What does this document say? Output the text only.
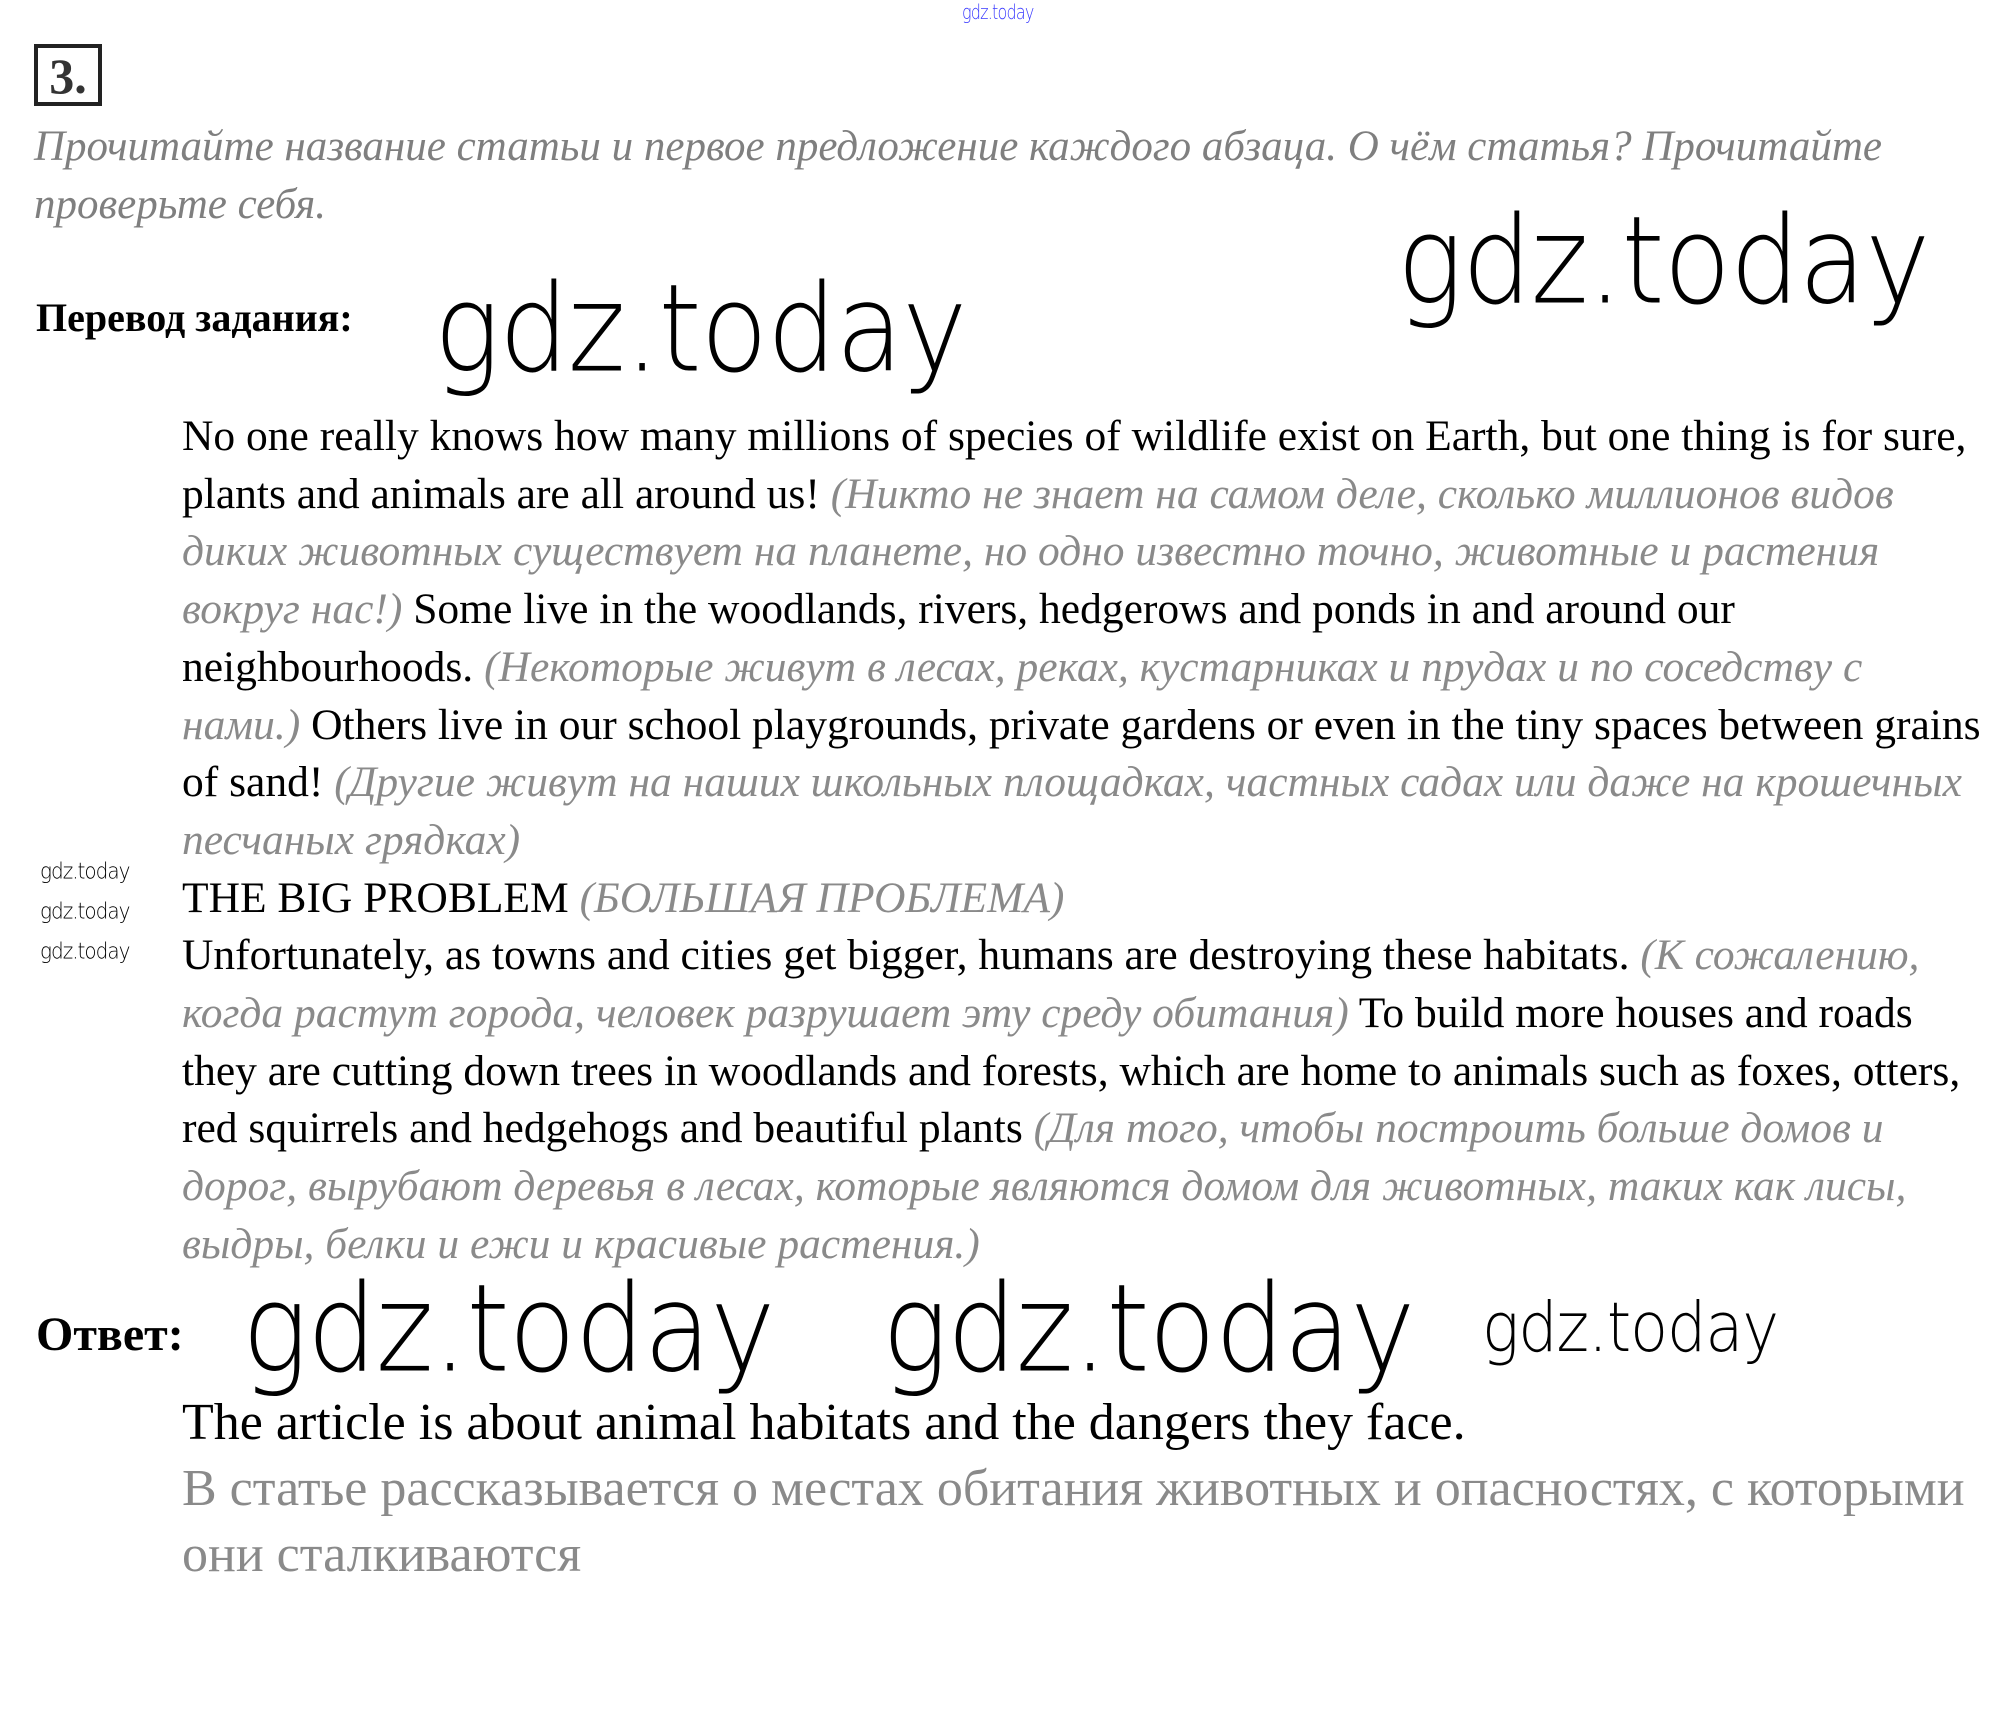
gdz.today
3.
Прочитайте название статьи и первое предложение каждого абзаца. О чём статья? Прочитайте проверьте себя.	gdz.today
Перевод задания: gdz.today
gdz.today
gdz.today
gdz.today
No one really knows how many millions of species of wildlife exist on Earth, but one thing is for sure, plants and animals are all around us! (Никто не знает на самом деле, сколько миллионов видов диких животных существует на планете, но одно известно точно, животные и растения вокруг нас!) Some live in the woodlands, rivers, hedgerows and ponds in and around our neighbourhoods. (Некоторые живут в лесах, реках, кустарниках и прудах и по соседству с нами.) Others live in our school playgrounds, private gardens or even in the tiny spaces between grains of sand! (Другие живут на наших школьных площадках, частных садах или даже на крошечных песчаных грядках)
THE BIG PROBLEM (БОЛЬШАЯ ПРОБЛЕМА)
Unfortunately, as towns and cities get bigger, humans are destroying these habitats. (К сожалению, когда растут города, человек разрушает эту среду обитания) To build more houses and roads they are cutting down trees in woodlands and forests, which are home to animals such as foxes, otters, red squirrels and hedgehogs and beautiful plants (Для того, чтобы построить больше домов и дорог, вырубают деревья в лесах, которые являются домом для животных, таких как лисы, выдры, белки и ежи и красивые растения.)
Ответ: gdz.today gdz.today gdz.today
The article is about animal habitats and the dangers they face.
В статье рассказывается о местах обитания животных и опасностях, с которыми они сталкиваются
